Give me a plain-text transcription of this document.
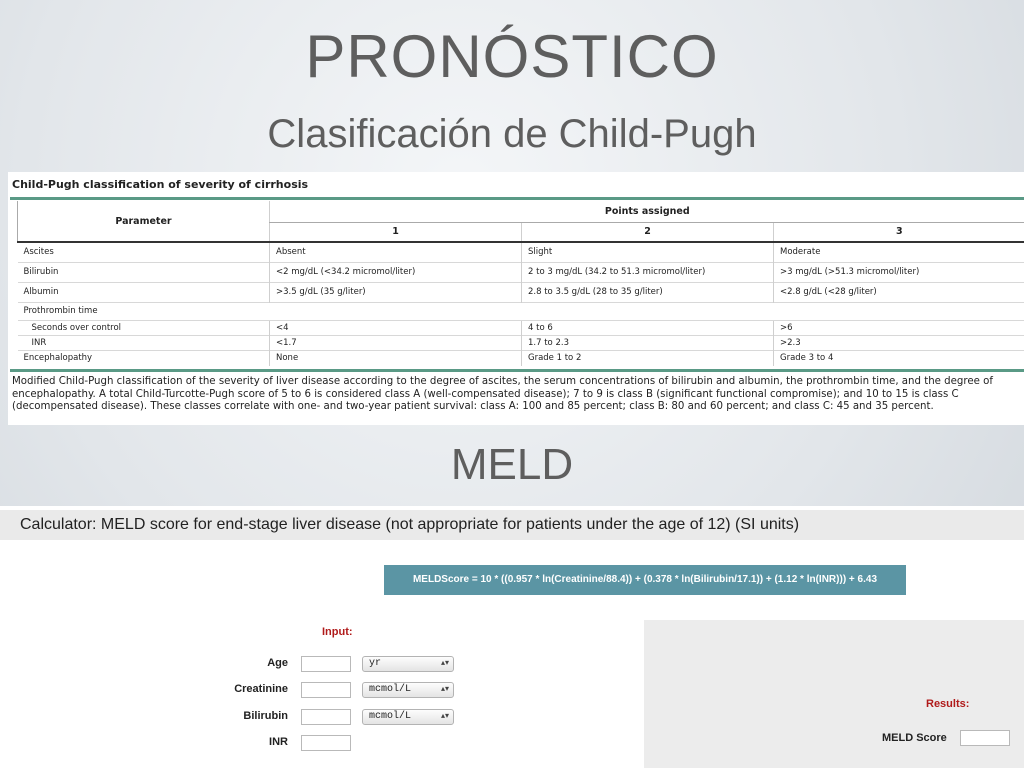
PRONÓSTICO
Clasificación de Child-Pugh
Child-Pugh classification of severity of cirrhosis
Parameter	Points assigned		
	1	2	3
Ascites	Absent	Slight	Moderate
Bilirubin	<2 mg/dL (<34.2 micromol/liter)	2 to 3 mg/dL (34.2 to 51.3 micromol/liter)	>3 mg/dL (>51.3 micromol/liter)
Albumin	>3.5 g/dL (35 g/liter)	2.8 to 3.5 g/dL (28 to 35 g/liter)	<2.8 g/dL (<28 g/liter)
Prothrombin time			
Seconds over control	<4	4 to 6	>6
INR	<1.7	1.7 to 2.3	>2.3
Encephalopathy	None	Grade 1 to 2	Grade 3 to 4
Modified Child-Pugh classification of the severity of liver disease according to the degree of ascites, the serum concentrations of bilirubin and albumin, the prothrombin time, and the degree of encephalopathy. A total Child-Turcotte-Pugh score of 5 to 6 is considered class A (well-compensated disease); 7 to 9 is class B (significant functional compromise); and 10 to 15 is class C (decompensated disease). These classes correlate with one- and two-year patient survival: class A: 100 and 85 percent; class B: 80 and 60 percent; and class C: 45 and 35 percent.
MELD
Calculator: MELD score for end-stage liver disease (not appropriate for patients under the age of 12) (SI units)
MELDScore = 10 * ((0.957 * ln(Creatinine/88.4)) + (0.378 * ln(Bilirubin/17.1)) + (1.12 * ln(INR))) + 6.43
Input:
Age	yr	▴▾
Creatinine	mcmol/L	▴▾
Bilirubin	mcmol/L	▴▾
INR
Results:
MELD Score
